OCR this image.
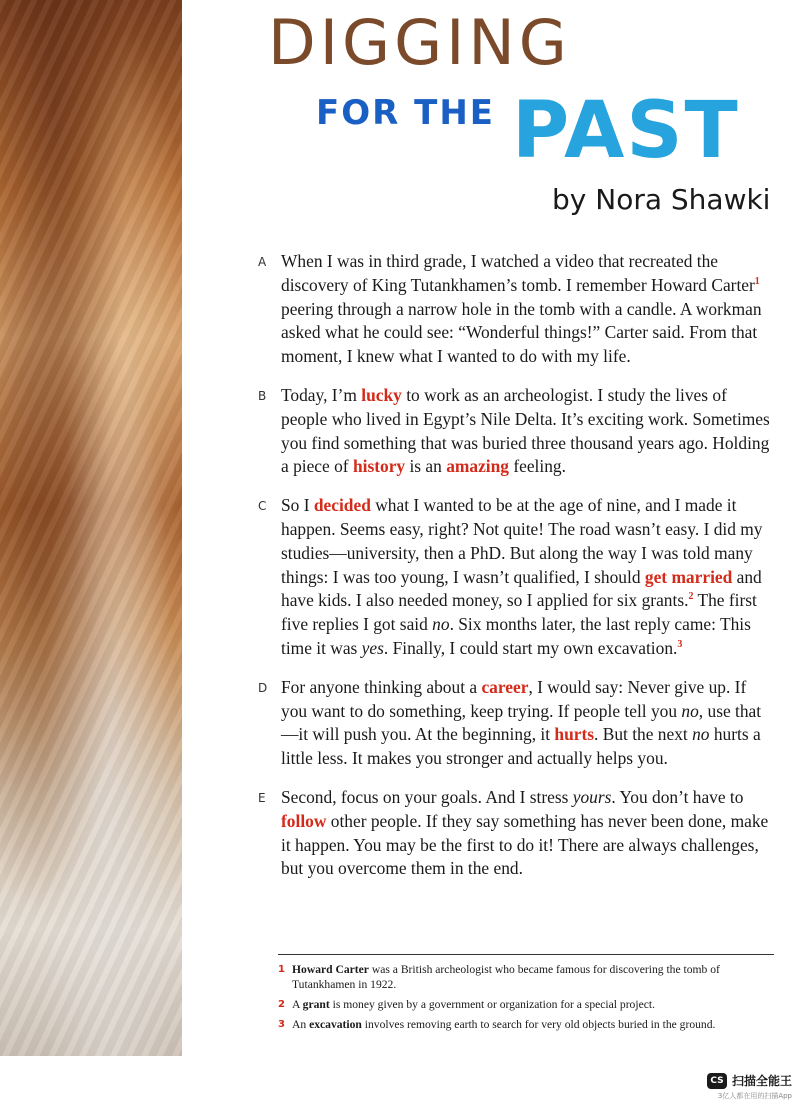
DIGGING
FOR THE PAST
by Nora Shawki
A When I was in third grade, I watched a video that recreated the discovery of King Tutankhamen’s tomb. I remember Howard Carter$^1$ peering through a narrow hole in the tomb with a candle. A workman asked what he could see: “Wonderful things!” Carter said. From that moment, I knew what I wanted to do with my life.
B Today, I’m lucky to work as an archeologist. I study the lives of people who lived in Egypt’s Nile Delta. It’s exciting work. Sometimes you find something that was buried three thousand years ago. Holding a piece of history is an amazing feeling.
C So I decided what I wanted to be at the age of nine, and I made it happen. Seems easy, right? Not quite! The road wasn’t easy. I did my studies—university, then a PhD. But along the way I was told many things: I was too young, I wasn’t qualified, I should get married and have kids. I also needed money, so I applied for six grants.$^2$ The first five replies I got said no. Six months later, the last reply came: This time it was yes. Finally, I could start my own excavation.$^3$
D For anyone thinking about a career, I would say: Never give up. If you want to do something, keep trying. If people tell you no, use that—it will push you. At the beginning, it hurts. But the next no hurts a little less. It makes you stronger and actually helps you.
E Second, focus on your goals. And I stress yours. You don’t have to follow other people. If they say something has never been done, make it happen. You may be the first to do it! There are always challenges, but you overcome them in the end.
1 Howard Carter was a British archeologist who became famous for discovering the tomb of Tutankhamen in 1922.
2 A grant is money given by a government or organization for a special project.
3 An excavation involves removing earth to search for very old objects buried in the ground.
CS 扫描全能王
3亿人都在用的扫描App
